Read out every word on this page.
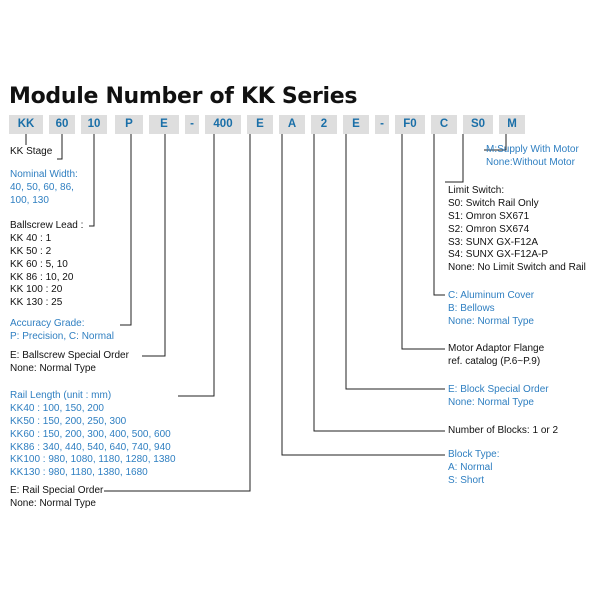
Module Number of KK Series
KK	60	10	P	E	-	400	E	A	2	E	-	F0	C	S0	M
KK Stage
Nominal Width:
40, 50, 60, 86,
100, 130
Ballscrew Lead :
KK 40 : 1
KK 50 : 2
KK 60 : 5, 10
KK 86 : 10, 20
KK 100 : 20
KK 130 : 25
Accuracy Grade:
P: Precision, C: Normal
E: Ballscrew Special Order
None: Normal Type
Rail Length (unit : mm)
KK40 : 100, 150, 200
KK50 : 150, 200, 250, 300
KK60 : 150, 200, 300, 400, 500, 600
KK86 : 340, 440, 540, 640, 740, 940
KK100 : 980, 1080, 1180, 1280, 1380
KK130 : 980, 1180, 1380, 1680
E: Rail Special Order
None: Normal Type
M:Supply With Motor
None:Without Motor
Limit Switch:
S0: Switch Rail Only
S1: Omron SX671
S2: Omron SX674
S3: SUNX GX-F12A
S4: SUNX GX-F12A-P
None: No Limit Switch and Rail
C: Aluminum Cover
B: Bellows
None: Normal Type
Motor Adaptor Flange
ref. catalog (P.6~P.9)
E: Block Special Order
None: Normal Type
Number of Blocks: 1 or 2
Block Type:
A: Normal
S: Short
